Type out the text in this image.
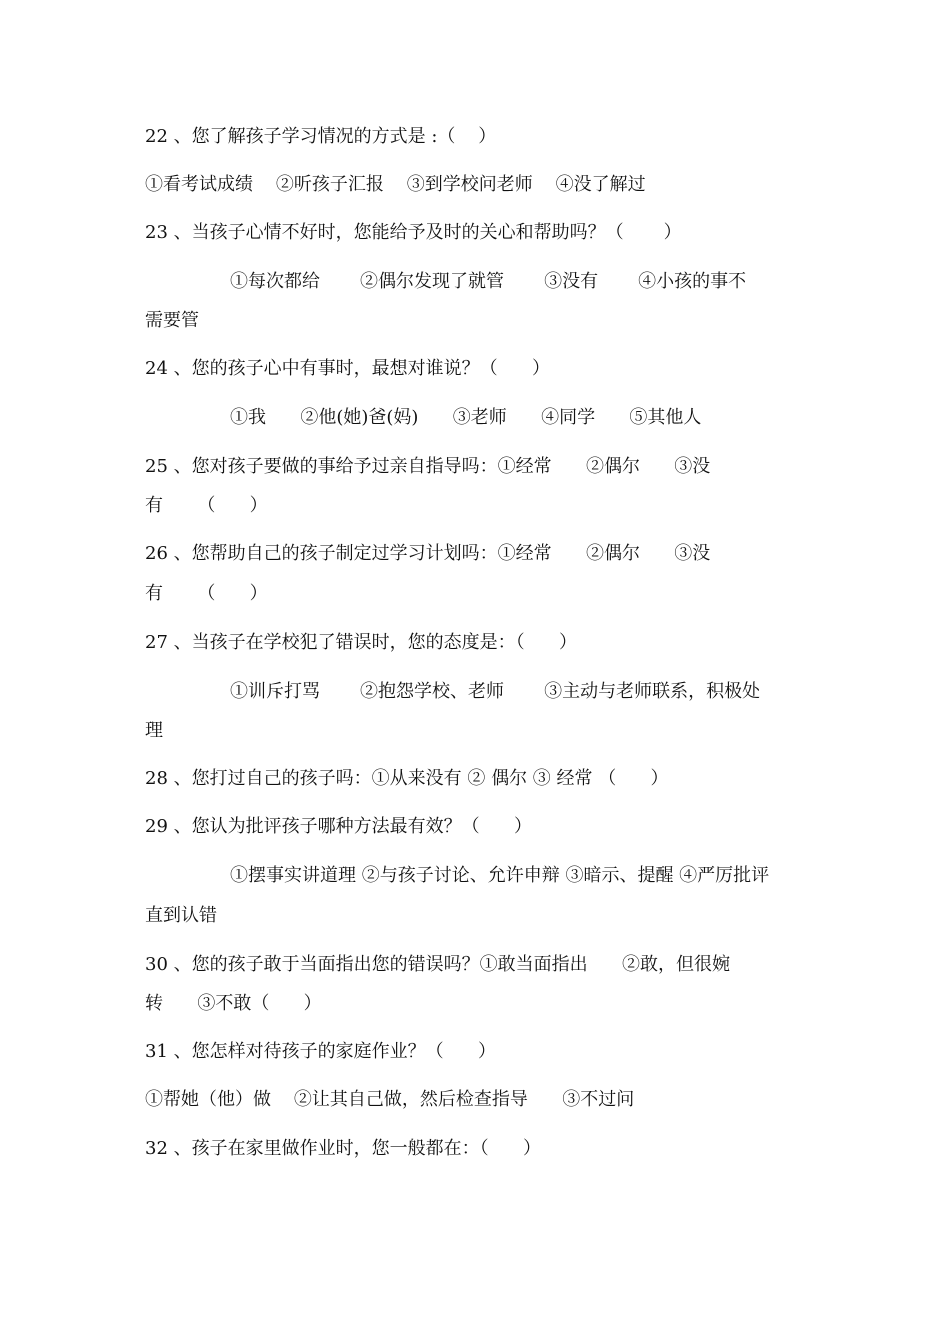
22 、您了解孩子学习情况的方式是 :（    ）
①看考试成绩    ②听孩子汇报    ③到学校问老师    ④没了解过
23 、当孩子心情不好时，您能给予及时的关心和帮助吗？（       ）
①每次都给       ②偶尔发现了就管       ③没有       ④小孩的事不
需要管
24 、您的孩子心中有事时，最想对谁说？（      ）
①我      ②他(她)爸(妈)      ③老师      ④同学      ⑤其他人
25 、您对孩子要做的事给予过亲自指导吗：①经常      ②偶尔      ③没
有      （      ）
26 、您帮助自己的孩子制定过学习计划吗：①经常      ②偶尔      ③没
有      （      ）
27 、当孩子在学校犯了错误时，您的态度是：（      ）
①训斥打骂       ②抱怨学校、老师       ③主动与老师联系，积极处
理
28 、您打过自己的孩子吗：①从来没有 ② 偶尔 ③ 经常 （      ）
29 、您认为批评孩子哪种方法最有效？（      ）
①摆事实讲道理 ②与孩子讨论、允许申辩 ③暗示、提醒 ④严厉批评
直到认错
30 、您的孩子敢于当面指出您的错误吗？①敢当面指出      ②敢，但很婉
转      ③不敢（      ）
31 、您怎样对待孩子的家庭作业？（      ）
①帮她（他）做    ②让其自己做，然后检查指导      ③不过问
32 、孩子在家里做作业时，您一般都在：（      ）
